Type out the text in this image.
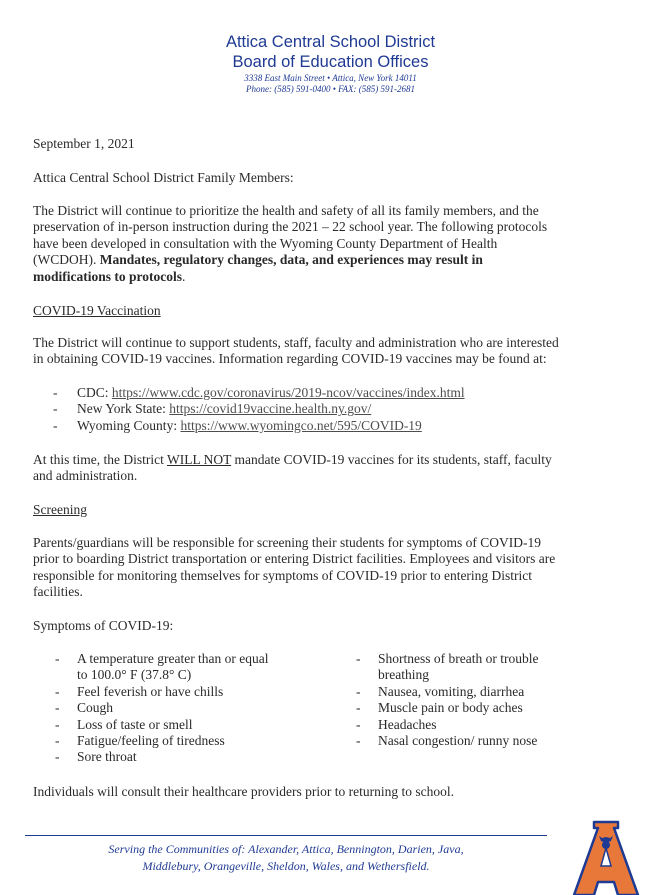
Attica Central School District
Board of Education Offices
3338 East Main Street • Attica, New York 14011
Phone: (585) 591-0400 • FAX: (585) 591-2681
September 1, 2021
Attica Central School District Family Members:
The District will continue to prioritize the health and safety of all its family members, and the
preservation of in-person instruction during the 2021 – 22 school year. The following protocols
have been developed in consultation with the Wyoming County Department of Health
(WCDOH). Mandates, regulatory changes, data, and experiences may result in
modifications to protocols.
COVID-19 Vaccination
The District will continue to support students, staff, faculty and administration who are interested
in obtaining COVID-19 vaccines. Information regarding COVID-19 vaccines may be found at:
- CDC: https://www.cdc.gov/coronavirus/2019-ncov/vaccines/index.html
- New York State: https://covid19vaccine.health.ny.gov/
- Wyoming County: https://www.wyomingco.net/595/COVID-19
At this time, the District WILL NOT mandate COVID-19 vaccines for its students, staff, faculty
and administration.
Screening
Parents/guardians will be responsible for screening their students for symptoms of COVID-19
prior to boarding District transportation or entering District facilities. Employees and visitors are
responsible for monitoring themselves for symptoms of COVID-19 prior to entering District
facilities.
Symptoms of COVID-19:
- A temperature greater than or equal
to 100.0° F (37.8° C)
- Feel feverish or have chills
- Cough
- Loss of taste or smell
- Fatigue/feeling of tiredness
- Sore throat
- Shortness of breath or trouble
breathing
- Nausea, vomiting, diarrhea
- Muscle pain or body aches
- Headaches
- Nasal congestion/ runny nose
Individuals will consult their healthcare providers prior to returning to school.
Serving the Communities of: Alexander, Attica, Bennington, Darien, Java,
Middlebury, Orangeville, Sheldon, Wales, and Wethersfield.
